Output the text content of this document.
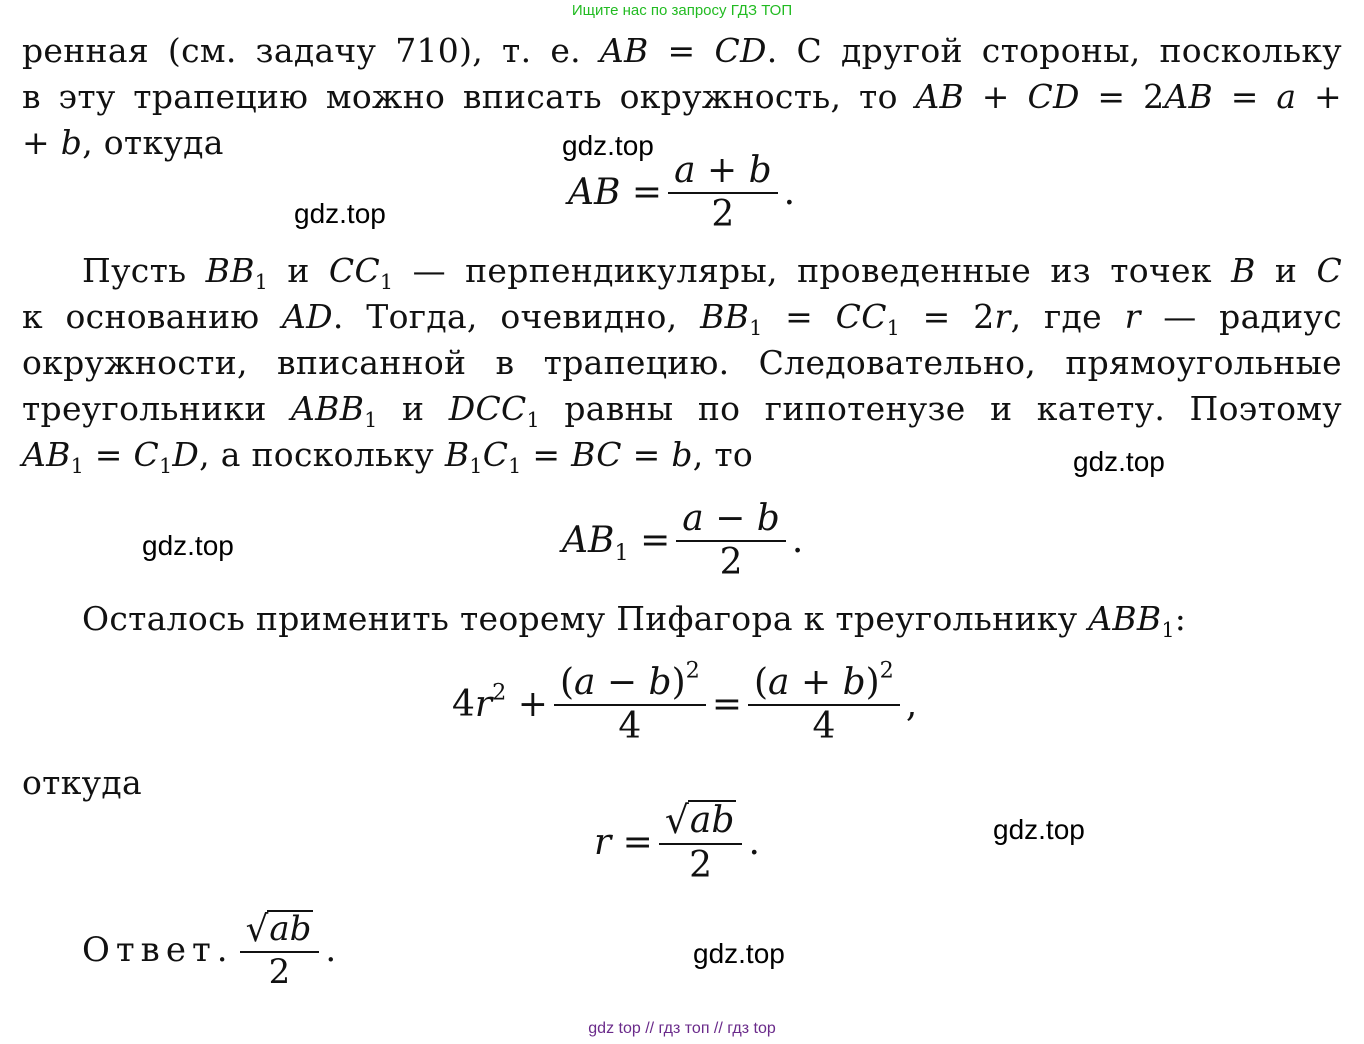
Ищите нас по запросу ГДЗ ТОП
gdz.top
gdz.top
gdz.top
gdz.top
gdz.top
gdz.top
ренная (см. задачу 710), т. е. AB = CD. С другой стороны, поскольку
в эту трапецию можно вписать окружность, то AB + CD = 2AB = a +
+ b, откуда
AB = $\frac{a + b}{2}$ .
Пусть $BB_1$ и $CC_1$ — перпендикуляры, проведенные из точек B и C
к основанию AD. Тогда, очевидно, $BB_1 = CC_1 = 2r$, где r — радиус
окружности, вписанной в трапецию. Следовательно, прямоугольные
треугольники $ABB_1$ и $DCC_1$ равны по гипотенузе и катету. Поэтому
$AB_1 = C_1D$, а поскольку $B_1C_1$ = BC = b, то
$AB_1 = \frac{a - b}{2}$ .
Осталось применить теорему Пифагора к треугольнику $ABB_1$:
$4r^2 + \frac{(a - b)^2}{4} = \frac{(a + b)^2}{4}$ ,
откуда
$r = \frac{√ ab}{2}$ .
Ответ. $\frac{√ ab}{2}$ .
gdz top // гдз топ // гдз top
